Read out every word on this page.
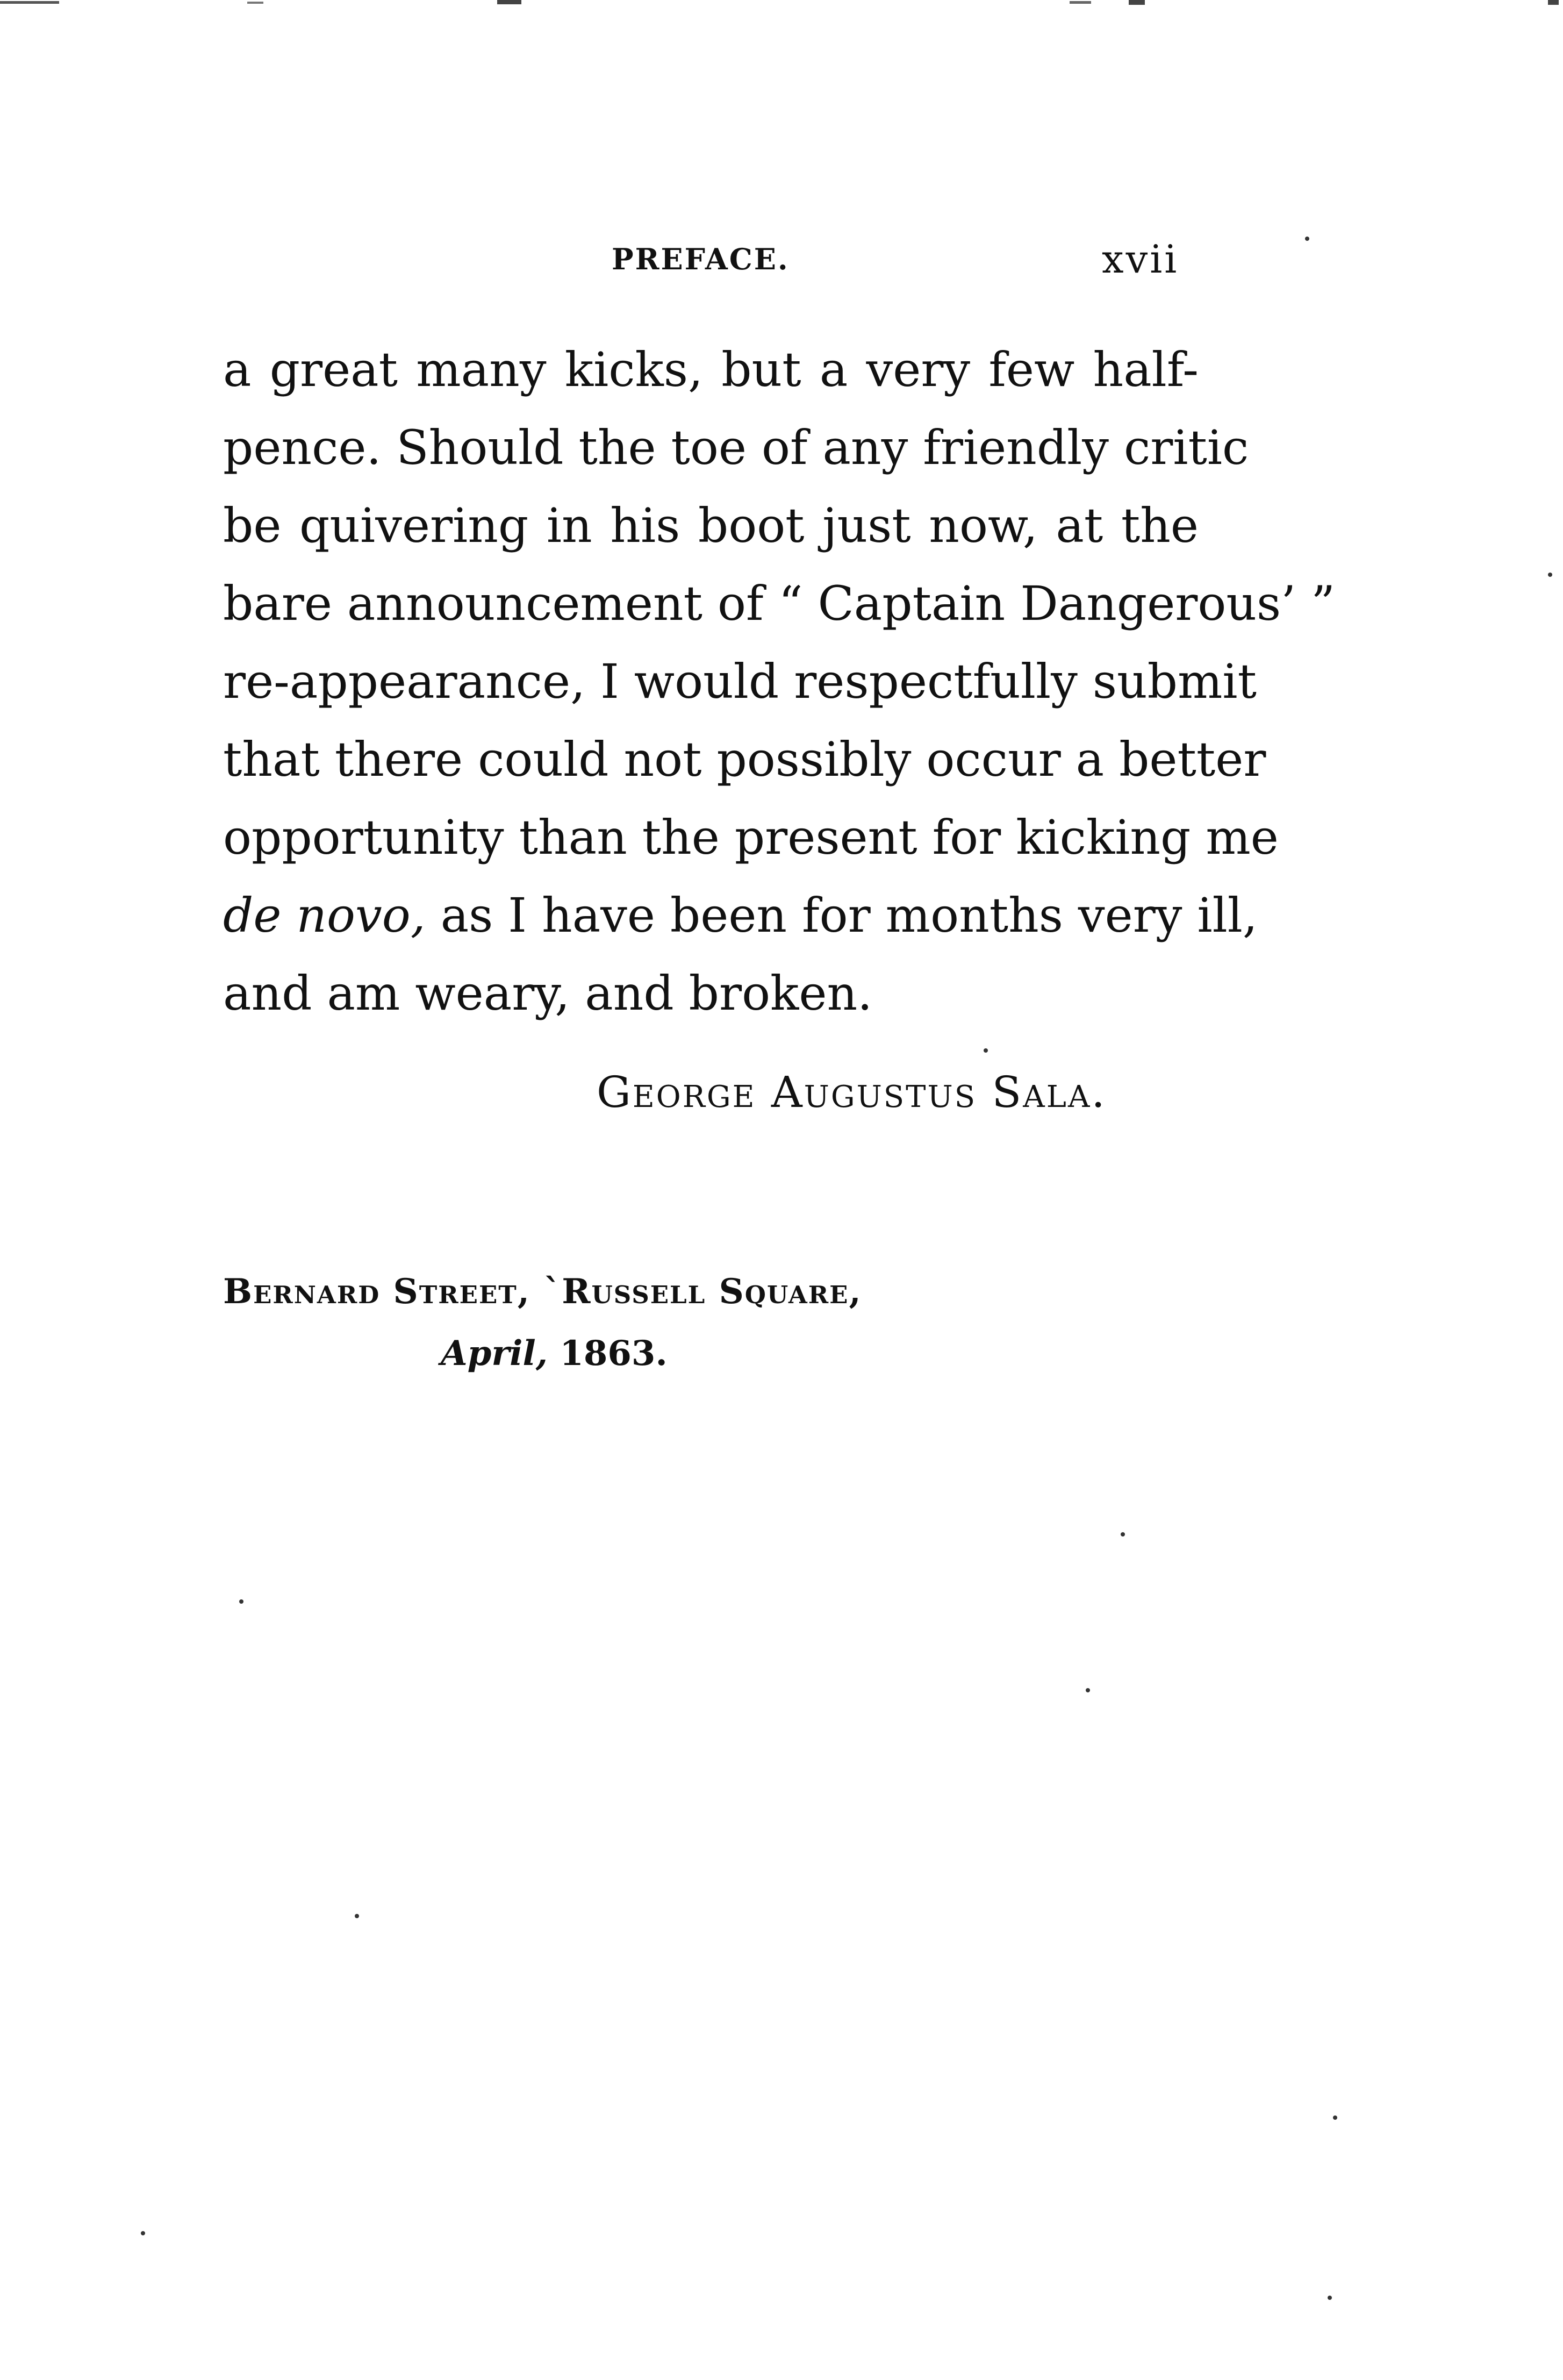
PREFACE.	xvii
a great many kicks, but a very few half-
pence. Should the toe of any friendly critic
be quivering in his boot just now, at the
bare announcement of “ Captain Dangerous’ ”
re-appearance, I would respectfully submit
that there could not possibly occur a better
opportunity than the present for kicking me
de novo, as I have been for months very ill,
and am weary, and broken.
George Augustus Sala.
Bernard Street, ˋRussell Square,
April, 1863.
